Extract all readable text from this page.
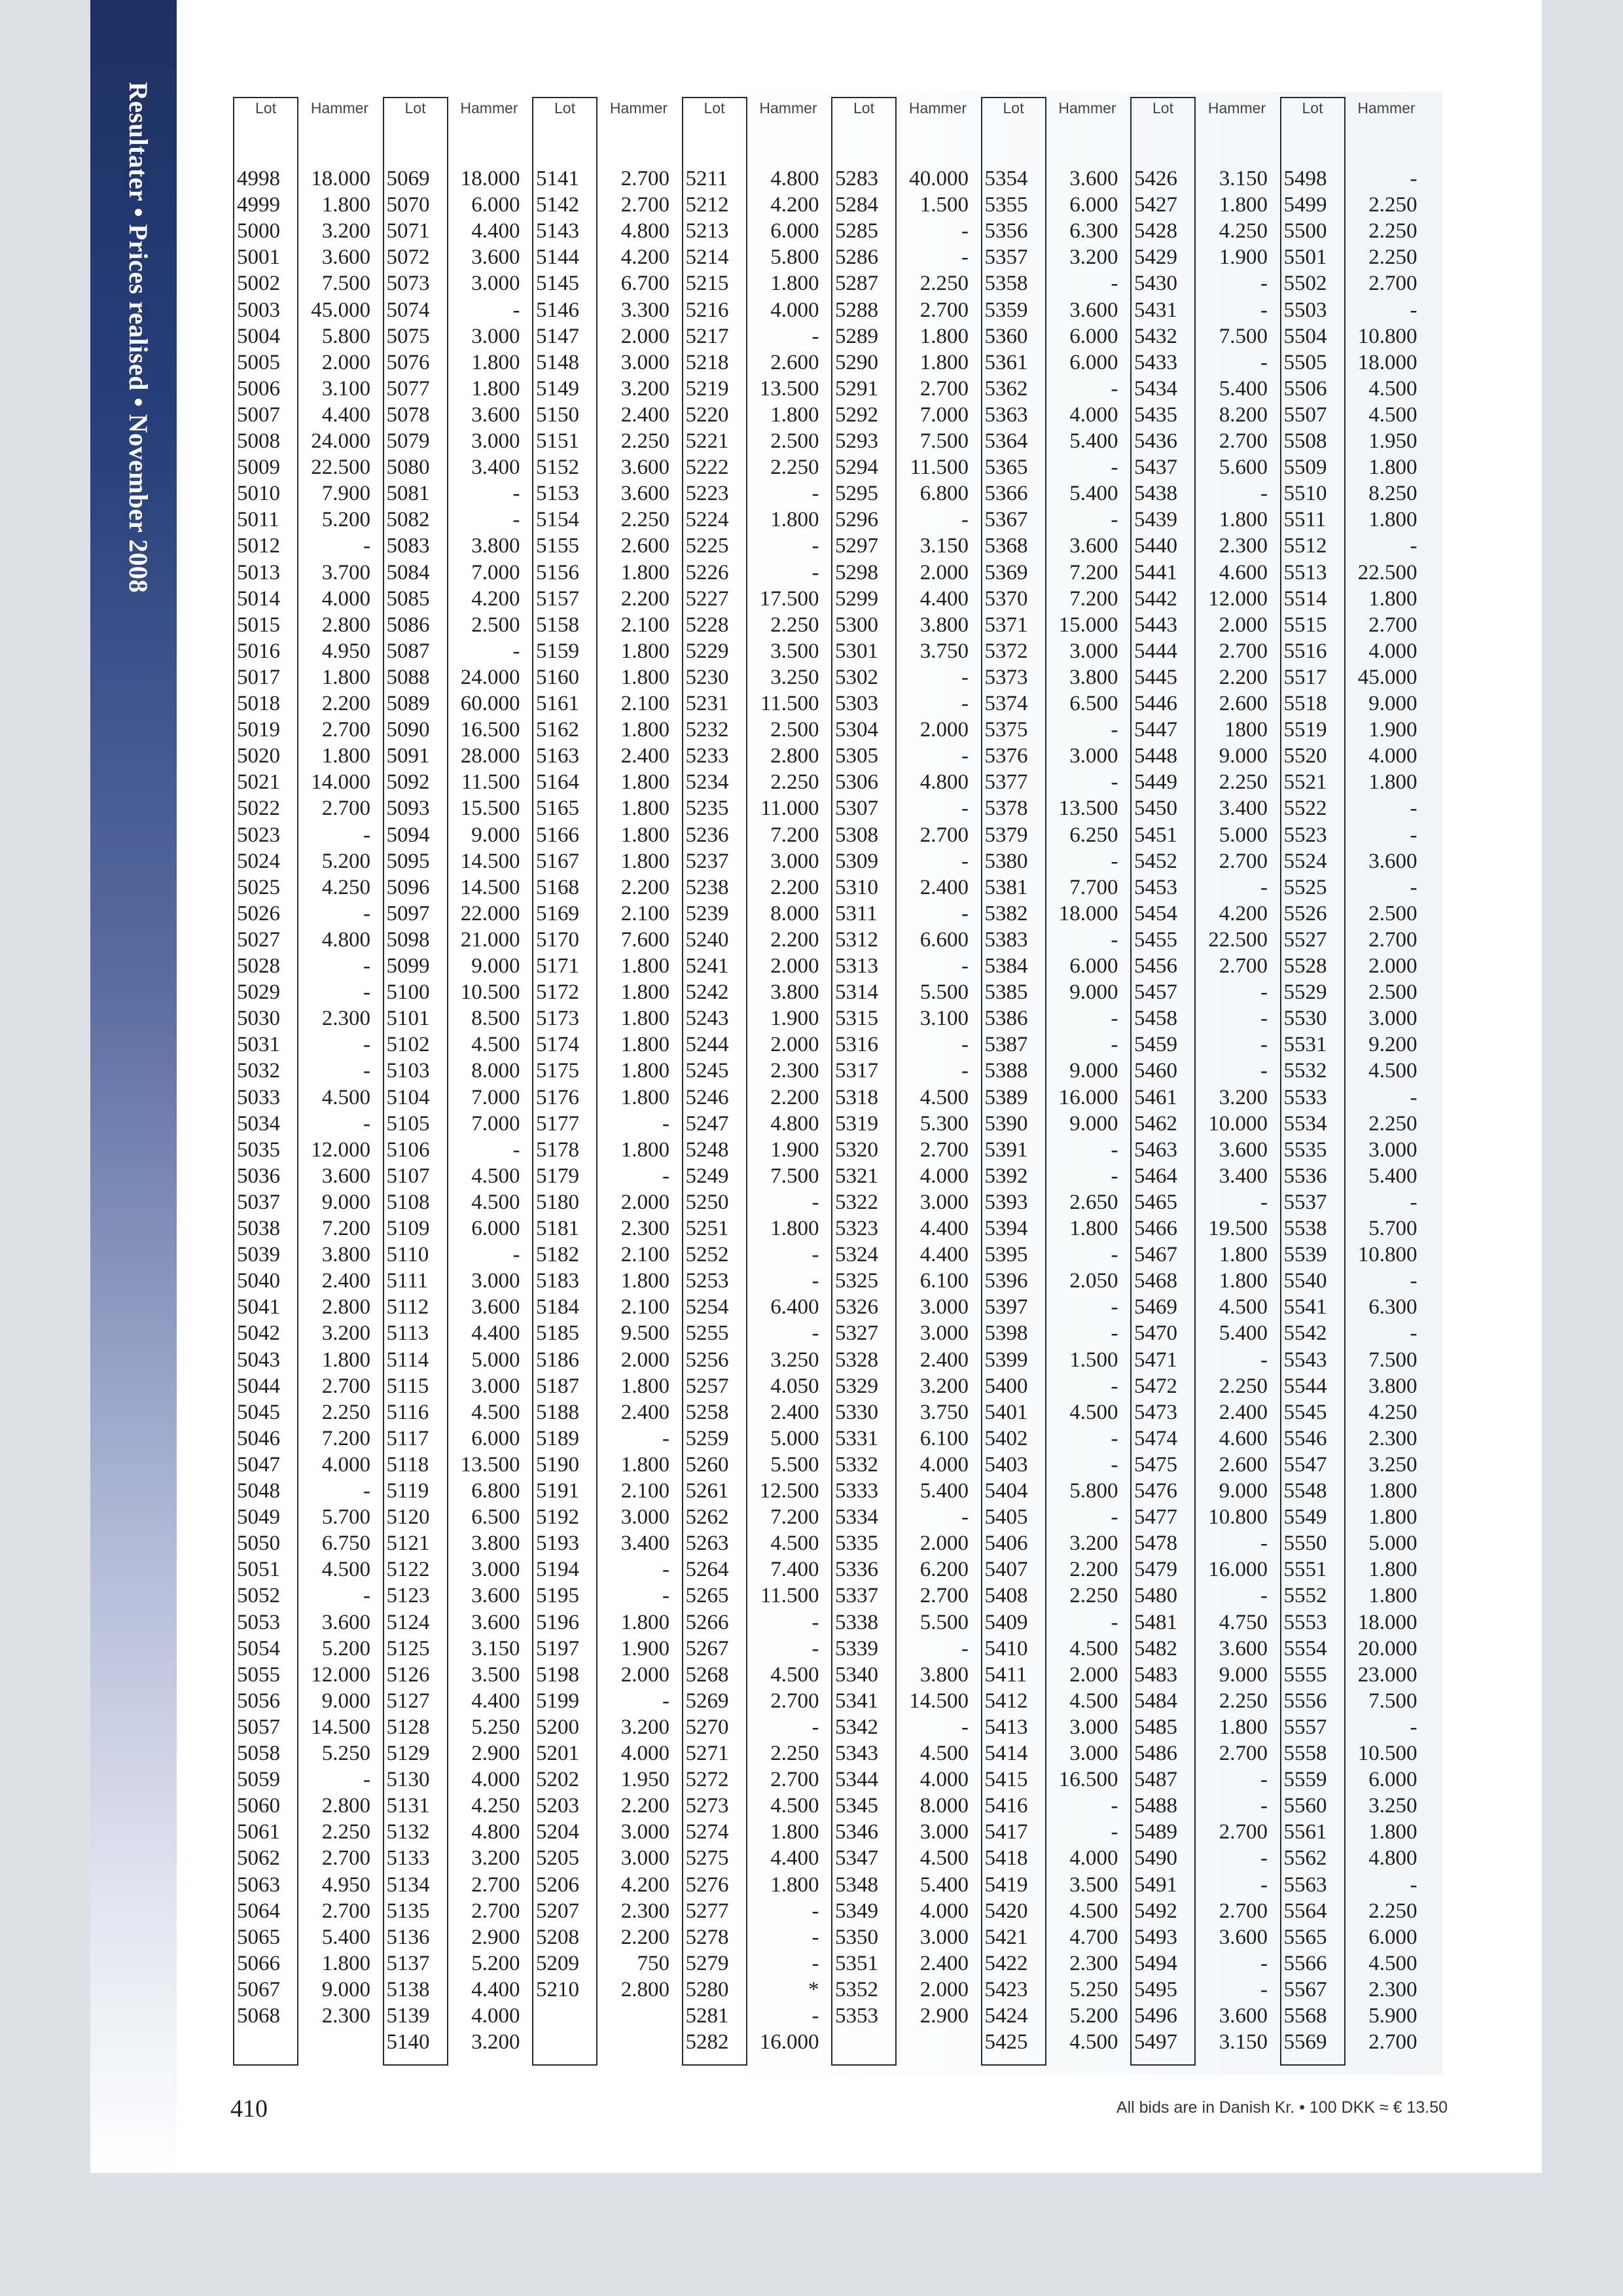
Resultater • Prices realised • November 2008	Lot	Hammer
4998	18.000
4999	1.800
5000	3.200
5001	3.600
5002	7.500
5003	45.000
5004	5.800
5005	2.000
5006	3.100
5007	4.400
5008	24.000
5009	22.500
5010	7.900
5011	5.200
5012	-
5013	3.700
5014	4.000
5015	2.800
5016	4.950
5017	1.800
5018	2.200
5019	2.700
5020	1.800
5021	14.000
5022	2.700
5023	-
5024	5.200
5025	4.250
5026	-
5027	4.800
5028	-
5029	-
5030	2.300
5031	-
5032	-
5033	4.500
5034	-
5035	12.000
5036	3.600
5037	9.000
5038	7.200
5039	3.800
5040	2.400
5041	2.800
5042	3.200
5043	1.800
5044	2.700
5045	2.250
5046	7.200
5047	4.000
5048	-
5049	5.700
5050	6.750
5051	4.500
5052	-
5053	3.600
5054	5.200
5055	12.000
5056	9.000
5057	14.500
5058	5.250
5059	-
5060	2.800
5061	2.250
5062	2.700
5063	4.950
5064	2.700
5065	5.400
5066	1.800
5067	9.000
5068	2.300
Lot	Hammer
5069	18.000
5070	6.000
5071	4.400
5072	3.600
5073	3.000
5074	-
5075	3.000
5076	1.800
5077	1.800
5078	3.600
5079	3.000
5080	3.400
5081	-
5082	-
5083	3.800
5084	7.000
5085	4.200
5086	2.500
5087	-
5088	24.000
5089	60.000
5090	16.500
5091	28.000
5092	11.500
5093	15.500
5094	9.000
5095	14.500
5096	14.500
5097	22.000
5098	21.000
5099	9.000
5100	10.500
5101	8.500
5102	4.500
5103	8.000
5104	7.000
5105	7.000
5106	-
5107	4.500
5108	4.500
5109	6.000
5110	-
5111	3.000
5112	3.600
5113	4.400
5114	5.000
5115	3.000
5116	4.500
5117	6.000
5118	13.500
5119	6.800
5120	6.500
5121	3.800
5122	3.000
5123	3.600
5124	3.600
5125	3.150
5126	3.500
5127	4.400
5128	5.250
5129	2.900
5130	4.000
5131	4.250
5132	4.800
5133	3.200
5134	2.700
5135	2.700
5136	2.900
5137	5.200
5138	4.400
5139	4.000
5140	3.200
Lot	Hammer
5141	2.700
5142	2.700
5143	4.800
5144	4.200
5145	6.700
5146	3.300
5147	2.000
5148	3.000
5149	3.200
5150	2.400
5151	2.250
5152	3.600
5153	3.600
5154	2.250
5155	2.600
5156	1.800
5157	2.200
5158	2.100
5159	1.800
5160	1.800
5161	2.100
5162	1.800
5163	2.400
5164	1.800
5165	1.800
5166	1.800
5167	1.800
5168	2.200
5169	2.100
5170	7.600
5171	1.800
5172	1.800
5173	1.800
5174	1.800
5175	1.800
5176	1.800
5177	-
5178	1.800
5179	-
5180	2.000
5181	2.300
5182	2.100
5183	1.800
5184	2.100
5185	9.500
5186	2.000
5187	1.800
5188	2.400
5189	-
5190	1.800
5191	2.100
5192	3.000
5193	3.400
5194	-
5195	-
5196	1.800
5197	1.900
5198	2.000
5199	-
5200	3.200
5201	4.000
5202	1.950
5203	2.200
5204	3.000
5205	3.000
5206	4.200
5207	2.300
5208	2.200
5209	750
5210	2.800
Lot	Hammer
5211	4.800
5212	4.200
5213	6.000
5214	5.800
5215	1.800
5216	4.000
5217	-
5218	2.600
5219	13.500
5220	1.800
5221	2.500
5222	2.250
5223	-
5224	1.800
5225	-
5226	-
5227	17.500
5228	2.250
5229	3.500
5230	3.250
5231	11.500
5232	2.500
5233	2.800
5234	2.250
5235	11.000
5236	7.200
5237	3.000
5238	2.200
5239	8.000
5240	2.200
5241	2.000
5242	3.800
5243	1.900
5244	2.000
5245	2.300
5246	2.200
5247	4.800
5248	1.900
5249	7.500
5250	-
5251	1.800
5252	-
5253	-
5254	6.400
5255	-
5256	3.250
5257	4.050
5258	2.400
5259	5.000
5260	5.500
5261	12.500
5262	7.200
5263	4.500
5264	7.400
5265	11.500
5266	-
5267	-
5268	4.500
5269	2.700
5270	-
5271	2.250
5272	2.700
5273	4.500
5274	1.800
5275	4.400
5276	1.800
5277	-
5278	-
5279	-
5280	*
5281	-
5282	16.000
Lot	Hammer
5283	40.000
5284	1.500
5285	-
5286	-
5287	2.250
5288	2.700
5289	1.800
5290	1.800
5291	2.700
5292	7.000
5293	7.500
5294	11.500
5295	6.800
5296	-
5297	3.150
5298	2.000
5299	4.400
5300	3.800
5301	3.750
5302	-
5303	-
5304	2.000
5305	-
5306	4.800
5307	-
5308	2.700
5309	-
5310	2.400
5311	-
5312	6.600
5313	-
5314	5.500
5315	3.100
5316	-
5317	-
5318	4.500
5319	5.300
5320	2.700
5321	4.000
5322	3.000
5323	4.400
5324	4.400
5325	6.100
5326	3.000
5327	3.000
5328	2.400
5329	3.200
5330	3.750
5331	6.100
5332	4.000
5333	5.400
5334	-
5335	2.000
5336	6.200
5337	2.700
5338	5.500
5339	-
5340	3.800
5341	14.500
5342	-
5343	4.500
5344	4.000
5345	8.000
5346	3.000
5347	4.500
5348	5.400
5349	4.000
5350	3.000
5351	2.400
5352	2.000
5353	2.900
Lot	Hammer
5354	3.600
5355	6.000
5356	6.300
5357	3.200
5358	-
5359	3.600
5360	6.000
5361	6.000
5362	-
5363	4.000
5364	5.400
5365	-
5366	5.400
5367	-
5368	3.600
5369	7.200
5370	7.200
5371	15.000
5372	3.000
5373	3.800
5374	6.500
5375	-
5376	3.000
5377	-
5378	13.500
5379	6.250
5380	-
5381	7.700
5382	18.000
5383	-
5384	6.000
5385	9.000
5386	-
5387	-
5388	9.000
5389	16.000
5390	9.000
5391	-
5392	-
5393	2.650
5394	1.800
5395	-
5396	2.050
5397	-
5398	-
5399	1.500
5400	-
5401	4.500
5402	-
5403	-
5404	5.800
5405	-
5406	3.200
5407	2.200
5408	2.250
5409	-
5410	4.500
5411	2.000
5412	4.500
5413	3.000
5414	3.000
5415	16.500
5416	-
5417	-
5418	4.000
5419	3.500
5420	4.500
5421	4.700
5422	2.300
5423	5.250
5424	5.200
5425	4.500
Lot	Hammer
5426	3.150
5427	1.800
5428	4.250
5429	1.900
5430	-
5431	-
5432	7.500
5433	-
5434	5.400
5435	8.200
5436	2.700
5437	5.600
5438	-
5439	1.800
5440	2.300
5441	4.600
5442	12.000
5443	2.000
5444	2.700
5445	2.200
5446	2.600
5447	1800
5448	9.000
5449	2.250
5450	3.400
5451	5.000
5452	2.700
5453	-
5454	4.200
5455	22.500
5456	2.700
5457	-
5458	-
5459	-
5460	-
5461	3.200
5462	10.000
5463	3.600
5464	3.400
5465	-
5466	19.500
5467	1.800
5468	1.800
5469	4.500
5470	5.400
5471	-
5472	2.250
5473	2.400
5474	4.600
5475	2.600
5476	9.000
5477	10.800
5478	-
5479	16.000
5480	-
5481	4.750
5482	3.600
5483	9.000
5484	2.250
5485	1.800
5486	2.700
5487	-
5488	-
5489	2.700
5490	-
5491	-
5492	2.700
5493	3.600
5494	-
5495	-
5496	3.600
5497	3.150
Lot	Hammer
5498	-
5499	2.250
5500	2.250
5501	2.250
5502	2.700
5503	-
5504	10.800
5505	18.000
5506	4.500
5507	4.500
5508	1.950
5509	1.800
5510	8.250
5511	1.800
5512	-
5513	22.500
5514	1.800
5515	2.700
5516	4.000
5517	45.000
5518	9.000
5519	1.900
5520	4.000
5521	1.800
5522	-
5523	-
5524	3.600
5525	-
5526	2.500
5527	2.700
5528	2.000
5529	2.500
5530	3.000
5531	9.200
5532	4.500
5533	-
5534	2.250
5535	3.000
5536	5.400
5537	-
5538	5.700
5539	10.800
5540	-
5541	6.300
5542	-
5543	7.500
5544	3.800
5545	4.250
5546	2.300
5547	3.250
5548	1.800
5549	1.800
5550	5.000
5551	1.800
5552	1.800
5553	18.000
5554	20.000
5555	23.000
5556	7.500
5557	-
5558	10.500
5559	6.000
5560	3.250
5561	1.800
5562	4.800
5563	-
5564	2.250
5565	6.000
5566	4.500
5567	2.300
5568	5.900
5569	2.700
410	All bids are in Danish Kr. • 100 DKK ≈ € 13.50
